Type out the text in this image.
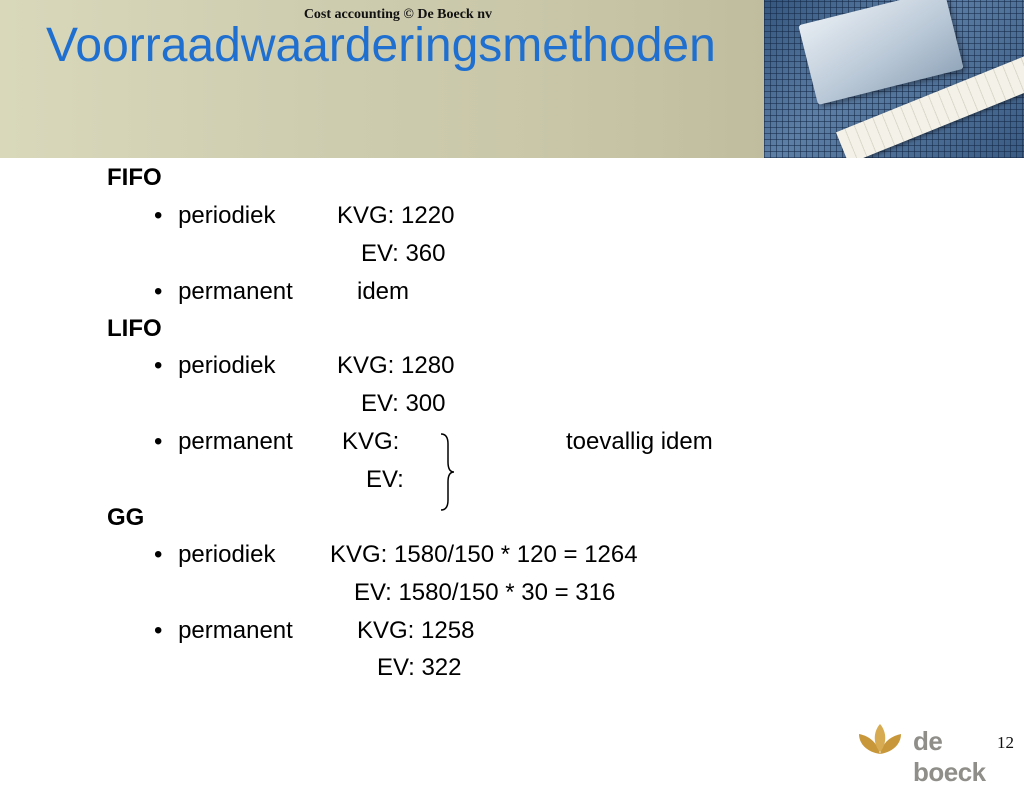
Voorraadwaarderingsmethoden
Cost accounting © De Boeck nv
FIFO
• periodiek	KVG: 1220
EV: 360
• permanent	idem
LIFO
• periodiek	KVG: 1280
EV: 300
• permanent KVG:
EV:
toevallig idem
GG
• periodiek KVG: 1580/150 * 120 = 1264
EV: 1580/150 * 30 = 316
• permanent	KVG: 1258
EV: 322
de boeck
12
